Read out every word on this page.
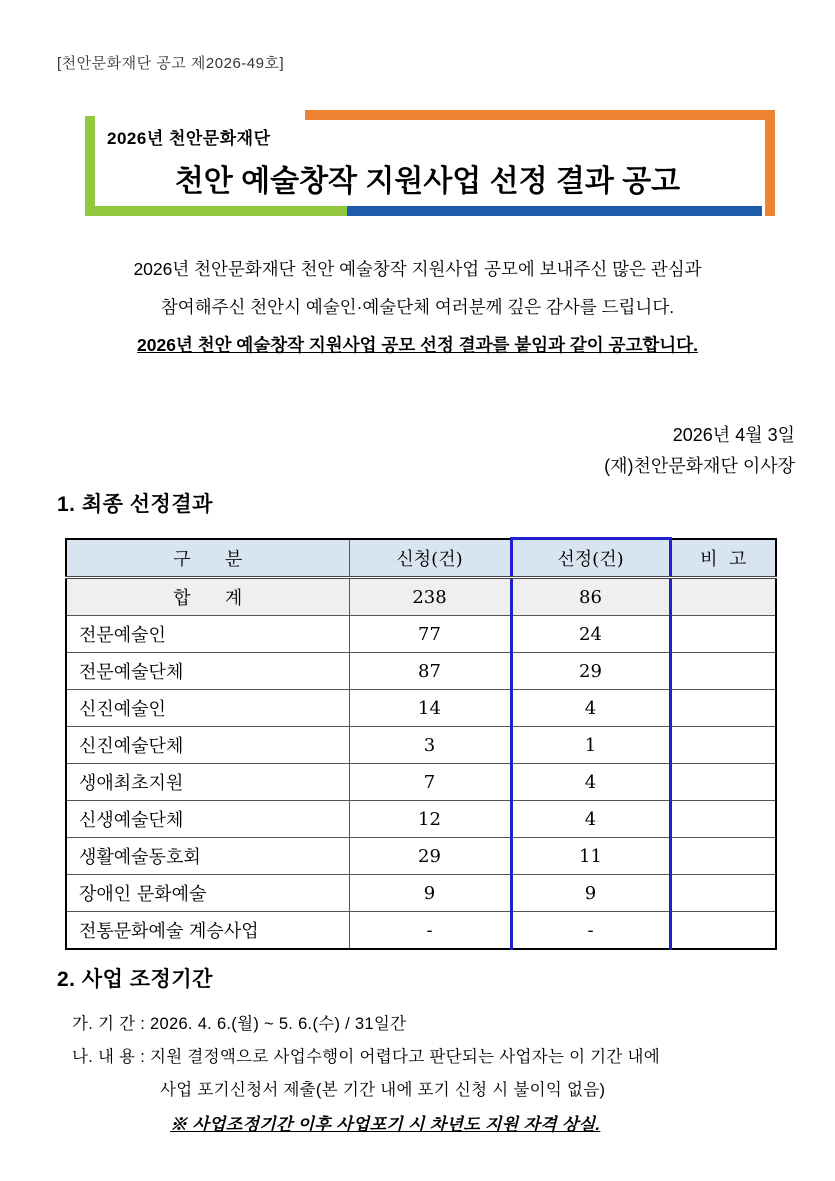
[천안문화재단 공고 제2026-49호]
2026년 천안문화재단
천안 예술창작 지원사업 선정 결과 공고
2026년 천안문화재단 천안 예술창작 지원사업 공모에 보내주신 많은 관심과
참여해주신 천안시 예술인·예술단체 여러분께 깊은 감사를 드립니다.
2026년 천안 예술창작 지원사업 공모 선정 결과를 붙임과 같이 공고합니다.
2026년 4월 3일
(재)천안문화재단 이사장
1. 최종 선정결과
구      분	신청(건)	선정(건)	비  고
합      계	238	86	
전문예술인	77	24	
전문예술단체	87	29	
신진예술인	14	4	
신진예술단체	3	1	
생애최초지원	7	4	
신생예술단체	12	4	
생활예술동호회	29	11	
장애인 문화예술	9	9	
전통문화예술 계승사업	-	-	
2. 사업 조정기간
가. 기 간 : 2026. 4. 6.(월) ~ 5. 6.(수) / 31일간
나. 내 용 : 지원 결정액으로 사업수행이 어렵다고 판단되는 사업자는 이 기간 내에
사업 포기신청서 제출(본 기간 내에 포기 신청 시 불이익 없음)
※ 사업조정기간 이후 사업포기 시 차년도 지원 자격 상실.
